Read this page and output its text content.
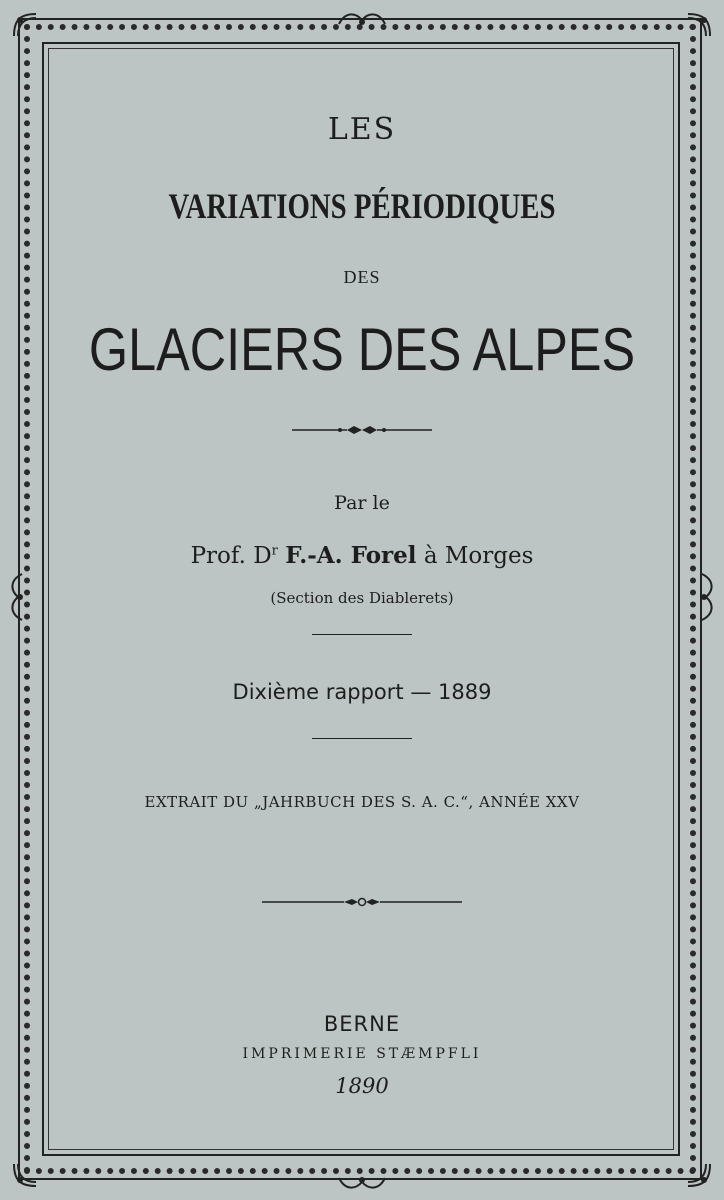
LES
VARIATIONS PÉRIODIQUES
DES
GLACIERS DES ALPES
Par le
Prof. $D^r$ F.-A. Forel à Morges
(Section des Diablerets)
Dixième rapport — 1889
EXTRAIT DU „JAHRBUCH DES S. A. C.“, ANNÉE XXV
BERNE
IMPRIMERIE STÆMPFLI
1890
